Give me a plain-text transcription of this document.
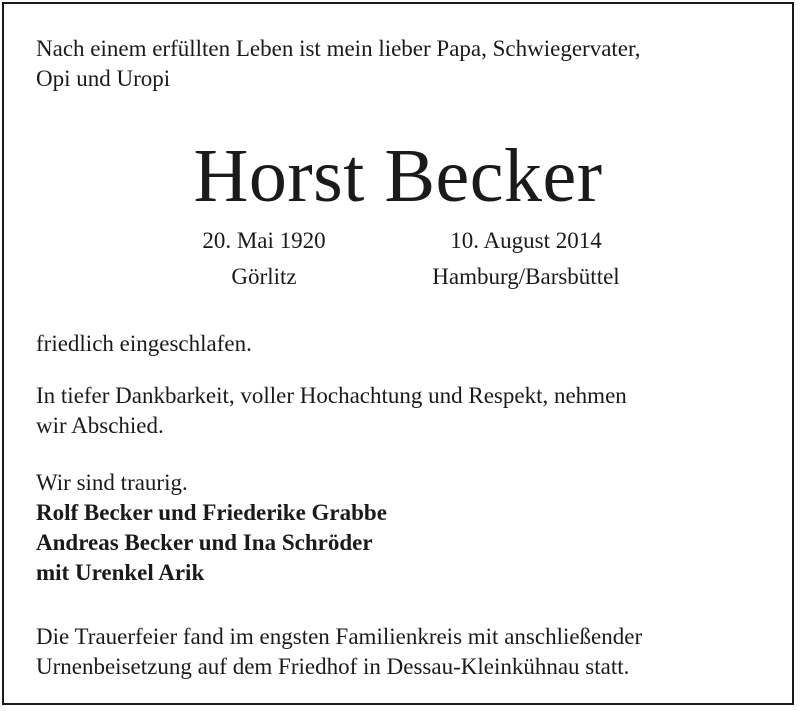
Nach einem erfüllten Leben ist mein lieber Papa, Schwiegervater,
Opi und Uropi

Horst Becker
20. Mai 1920
Görlitz
10. August 2014
Hamburg/Barsbüttel

friedlich eingeschlafen.

In tiefer Dankbarkeit, voller Hochachtung und Respekt, nehmen
wir Abschied.

Wir sind traurig.
Rolf Becker und Friederike Grabbe
Andreas Becker und Ina Schröder
mit Urenkel Arik

Die Trauerfeier fand im engsten Familienkreis mit anschließender
Urnenbeisetzung auf dem Friedhof in Dessau-Kleinkühnau statt.
